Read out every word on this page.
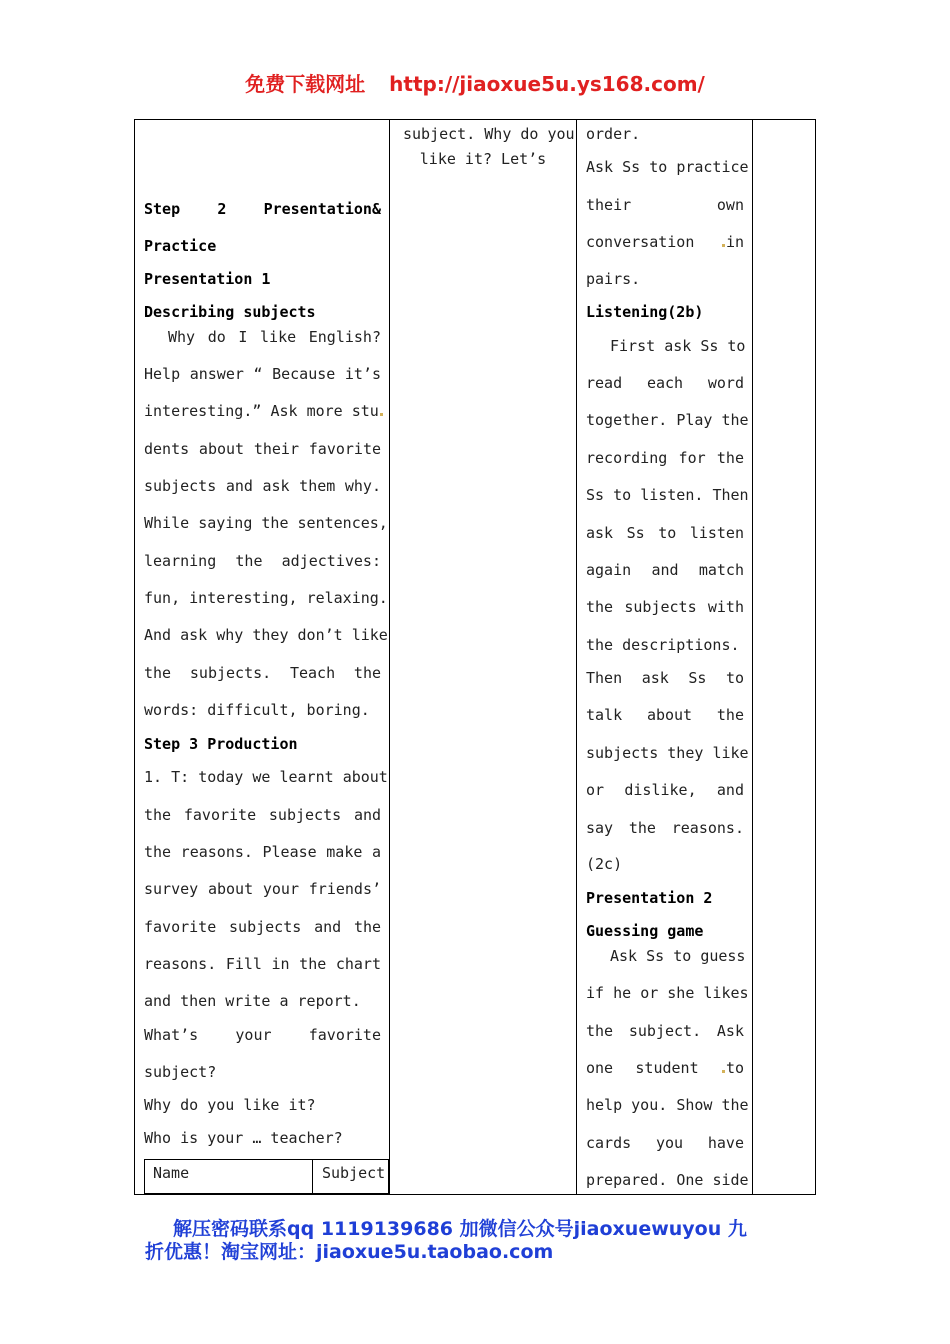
免费下载网址 http://jiaoxue5u.ys168.com/
Step 2 Presentation&
Practice
Presentation 1
Describing subjects
Why do I like English?
Help answer “ Because it’s
interesting.” Ask more stu
dents about their favorite
subjects and ask them why.
While saying the sentences,
learning the adjectives:
fun, interesting, relaxing.
And ask why they don’t like
the subjects. Teach the
words: difficult, boring.
Step 3 Production
1. T: today we learnt about
the favorite subjects and
the reasons. Please make a
survey about your friends’
favorite subjects and the
reasons. Fill in the chart
and then write a report.
What’s your favorite
subject?
Why do you like it?
Who is your … teacher?
Name	Subject
subject. Why do you
like it? Let’s
order.
Ask Ss to practice
their	own
conversation in
pairs.
Listening(2b)
First ask Ss to
read each word
together. Play the
recording for the
Ss to listen. Then
ask Ss to listen
again and match
the subjects with
the descriptions.
Then ask Ss to
talk about the
subjects they like
or dislike, and
say the reasons.
(2c)
Presentation 2
Guessing game
Ask Ss to guess
if he or she likes
the subject. Ask
one student to
help you. Show the
cards you have
prepared. One side
解压密码联系qq 1119139686 加微信公众号jiaoxuewuyou 九
折优惠！淘宝网址：jiaoxue5u.taobao.com
